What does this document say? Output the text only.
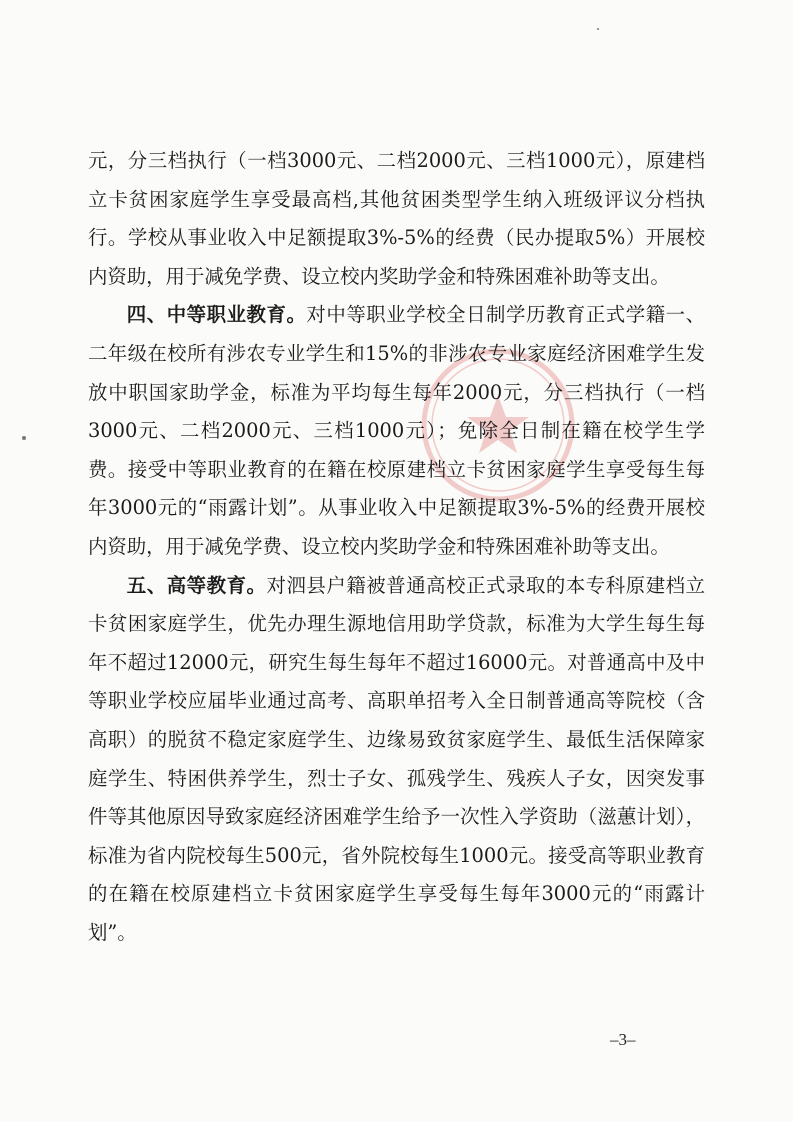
元，分三档执行（一档3000元、二档2000元、三档1000元），原建档立卡贫困家庭学生享受最高档,其他贫困类型学生纳入班级评议分档执行。学校从事业收入中足额提取3%-5%的经费（民办提取5%）开展校内资助，用于减免学费、设立校内奖助学金和特殊困难补助等支出。

四、中等职业教育。对中等职业学校全日制学历教育正式学籍一、二年级在校所有涉农专业学生和15%的非涉农专业家庭经济困难学生发放中职国家助学金，标准为平均每生每年2000元，分三档执行（一档3000元、二档2000元、三档1000元）；免除全日制在籍在校学生学费。接受中等职业教育的在籍在校原建档立卡贫困家庭学生享受每生每年3000元的“雨露计划”。从事业收入中足额提取3%-5%的经费开展校内资助，用于减免学费、设立校内奖助学金和特殊困难补助等支出。

五、高等教育。对泗县户籍被普通高校正式录取的本专科原建档立卡贫困家庭学生，优先办理生源地信用助学贷款，标准为大学生每生每年不超过12000元，研究生每生每年不超过16000元。对普通高中及中等职业学校应届毕业通过高考、高职单招考入全日制普通高等院校（含高职）的脱贫不稳定家庭学生、边缘易致贫家庭学生、最低生活保障家庭学生、特困供养学生，烈士子女、孤残学生、残疾人子女，因突发事件等其他原因导致家庭经济困难学生给予一次性入学资助（滋蕙计划），标准为省内院校每生500元，省外院校每生1000元。接受高等职业教育的在籍在校原建档立卡贫困家庭学生享受每生每年3000元的“雨露计划”。

–3–
